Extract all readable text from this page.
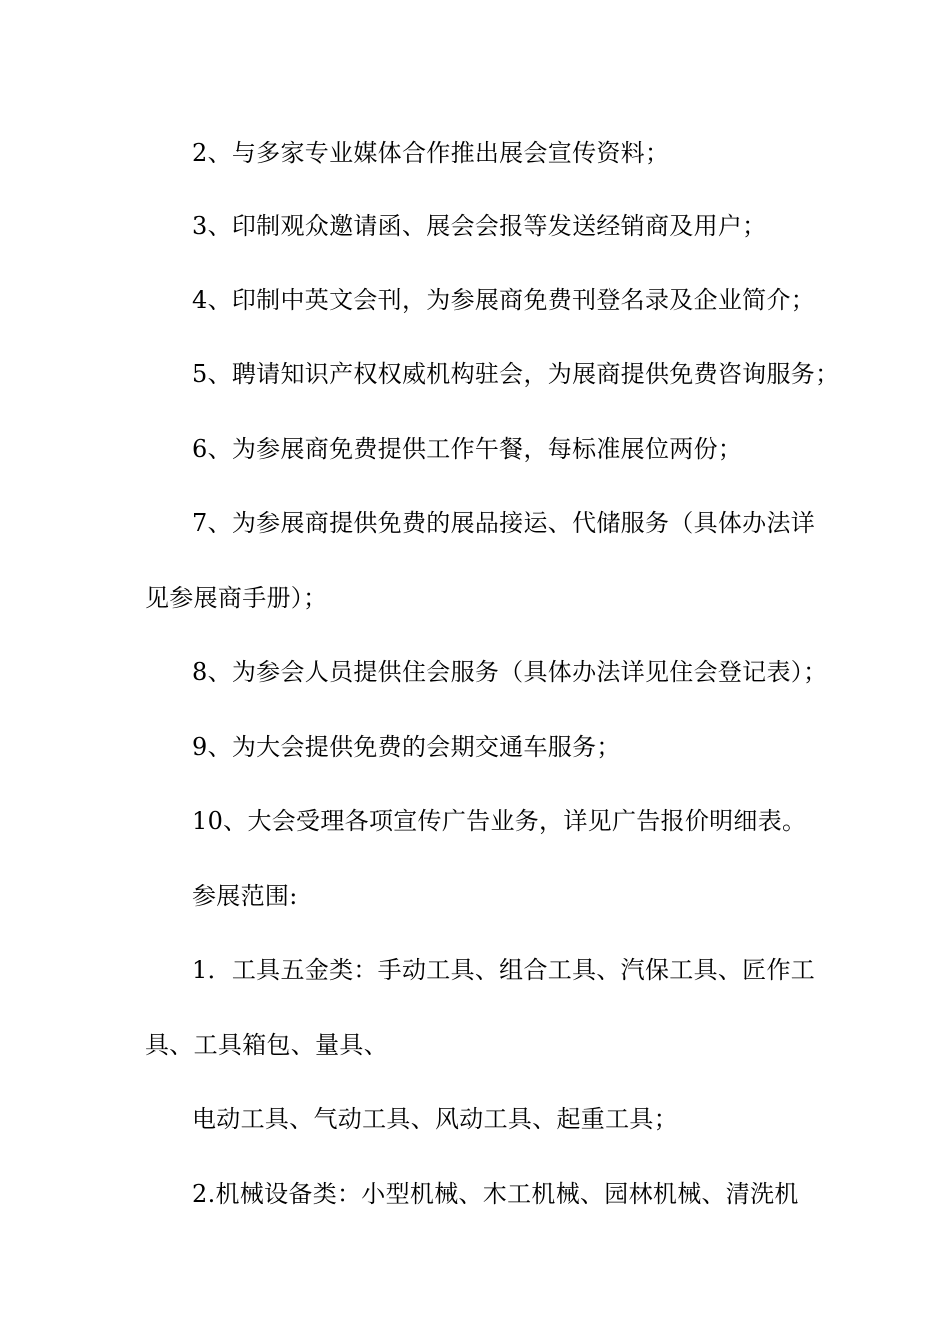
2、与多家专业媒体合作推出展会宣传资料；
3、印制观众邀请函、展会会报等发送经销商及用户；
4、印制中英文会刊，为参展商免费刊登名录及企业简介；
5、聘请知识产权权威机构驻会，为展商提供免费咨询服务；
6、为参展商免费提供工作午餐，每标准展位两份；
7、为参展商提供免费的展品接运、代储服务（具体办法详
见参展商手册）；
8、为参会人员提供住会服务（具体办法详见住会登记表）；
9、为大会提供免费的会期交通车服务；
10、大会受理各项宣传广告业务，详见广告报价明细表。
参展范围:
1．工具五金类：手动工具、组合工具、汽保工具、匠作工
具、工具箱包、量具、
电动工具、气动工具、风动工具、起重工具；
2.机械设备类：小型机械、木工机械、园林机械、清洗机
